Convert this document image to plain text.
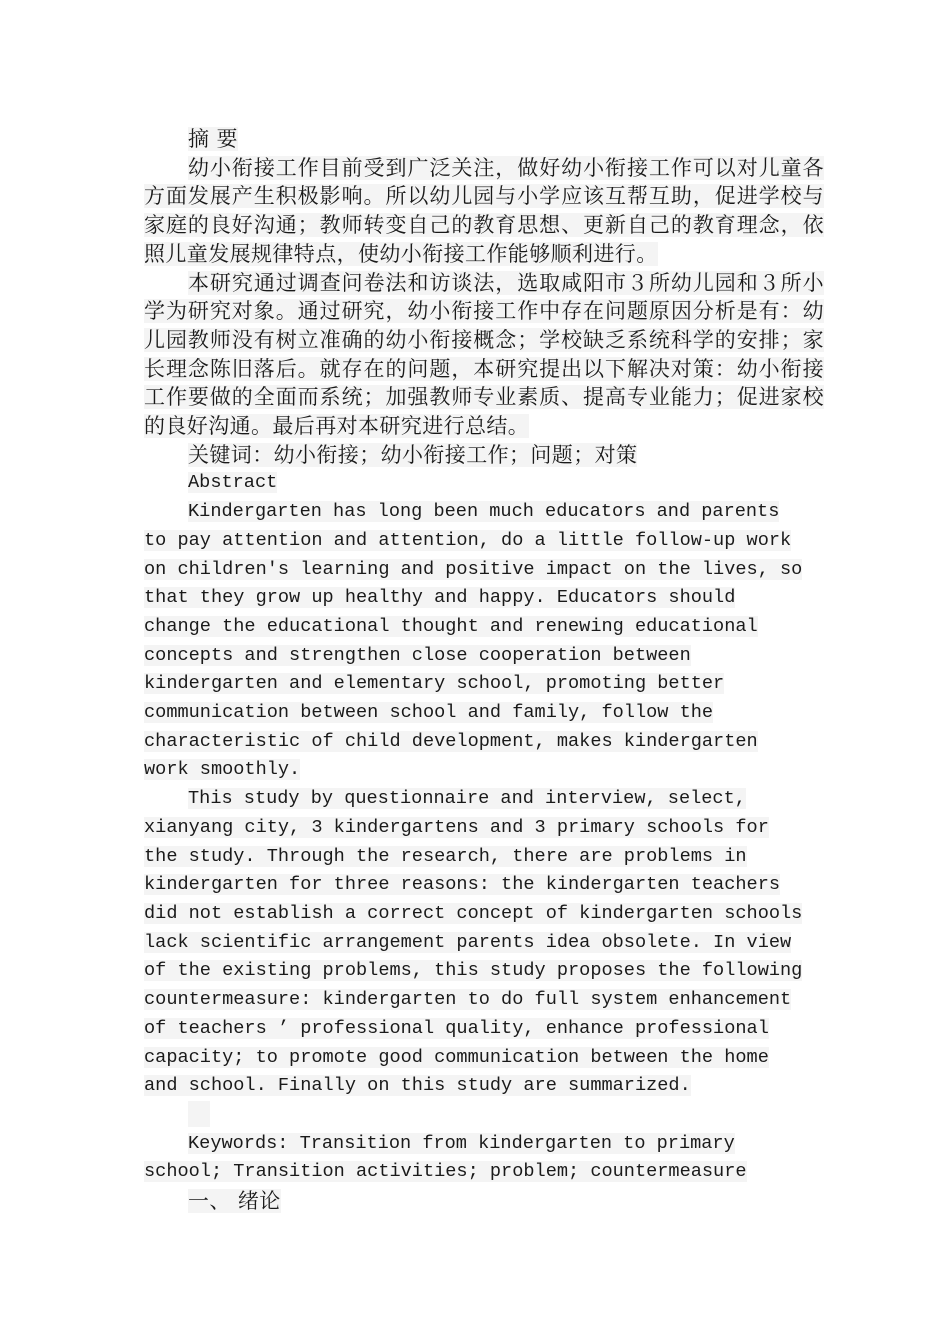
摘 要

幼小衔接工作目前受到广泛关注，做好幼小衔接工作可以对儿童各方面发展产生积极影响。所以幼儿园与小学应该互帮互助，促进学校与家庭的良好沟通；教师转变自己的教育思想、更新自己的教育理念，依照儿童发展规律特点，使幼小衔接工作能够顺利进行。

本研究通过调查问卷法和访谈法，选取咸阳市３所幼儿园和３所小学为研究对象。通过研究，幼小衔接工作中存在问题原因分析是有：幼儿园教师没有树立准确的幼小衔接概念；学校缺乏系统科学的安排；家长理念陈旧落后。就存在的问题，本研究提出以下解决对策：幼小衔接工作要做的全面而系统；加强教师专业素质、提高专业能力；促进家校的良好沟通。最后再对本研究进行总结。

关键词：幼小衔接；幼小衔接工作；问题；对策

Abstract

Kindergarten has long been much educators and parents

to pay attention and attention, do a little follow-up work

on children's learning and positive impact on the lives, so

that they grow up healthy and happy. Educators should

change the educational thought and renewing educational

concepts and strengthen close cooperation between

kindergarten and elementary school, promoting better

communication between school and family, follow the

characteristic of child development, makes kindergarten

work smoothly.

This study by questionnaire and interview, select,

xianyang city, 3 kindergartens and 3 primary schools for

the study. Through the research, there are problems in

kindergarten for three reasons: the kindergarten teachers

did not establish a correct concept of kindergarten schools

lack scientific arrangement parents idea obsolete. In view

of the existing problems, this study proposes the following

countermeasure: kindergarten to do full system enhancement

of teachers ’ professional quality, enhance professional

capacity; to promote good communication between the home

and school. Finally on this study are summarized.

Keywords: Transition from kindergarten to primary

school; Transition activities; problem; countermeasure

一、 绪论
